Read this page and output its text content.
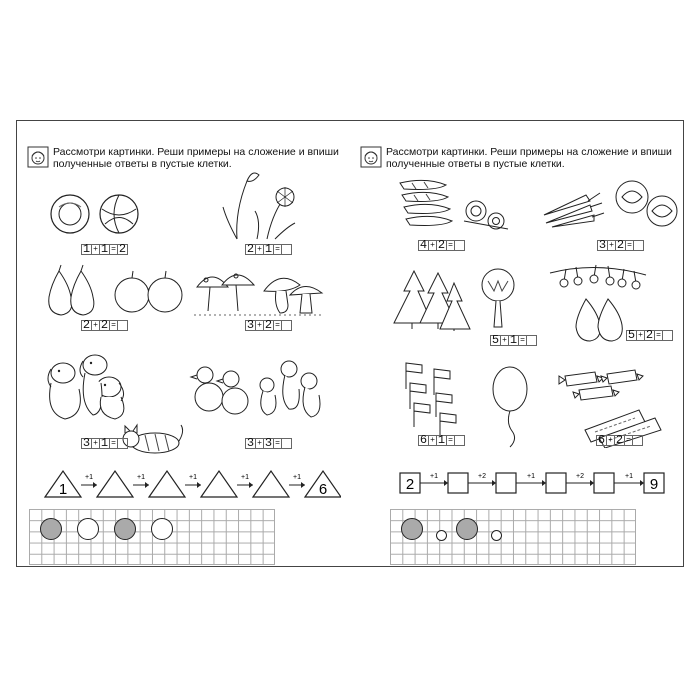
Рассмотри картинки. Реши примеры на сложение и впиши полученные ответы в пустые клетки.
1 + 1 = 2	2 + 1 =
2 + 2 =	3 + 2 =
3 + 1 =	3 + 3 =
1	6
+1	+1	+1	+1	+1
Рассмотри картинки. Реши примеры на сложение и впиши полученные ответы в пустые клетки.
4 + 2 =	3 + 2 =
5 + 1 =	5 + 2 =
6 + 1 =	6 + 2 =
2	9
+1	+2	+1	+2	+1
